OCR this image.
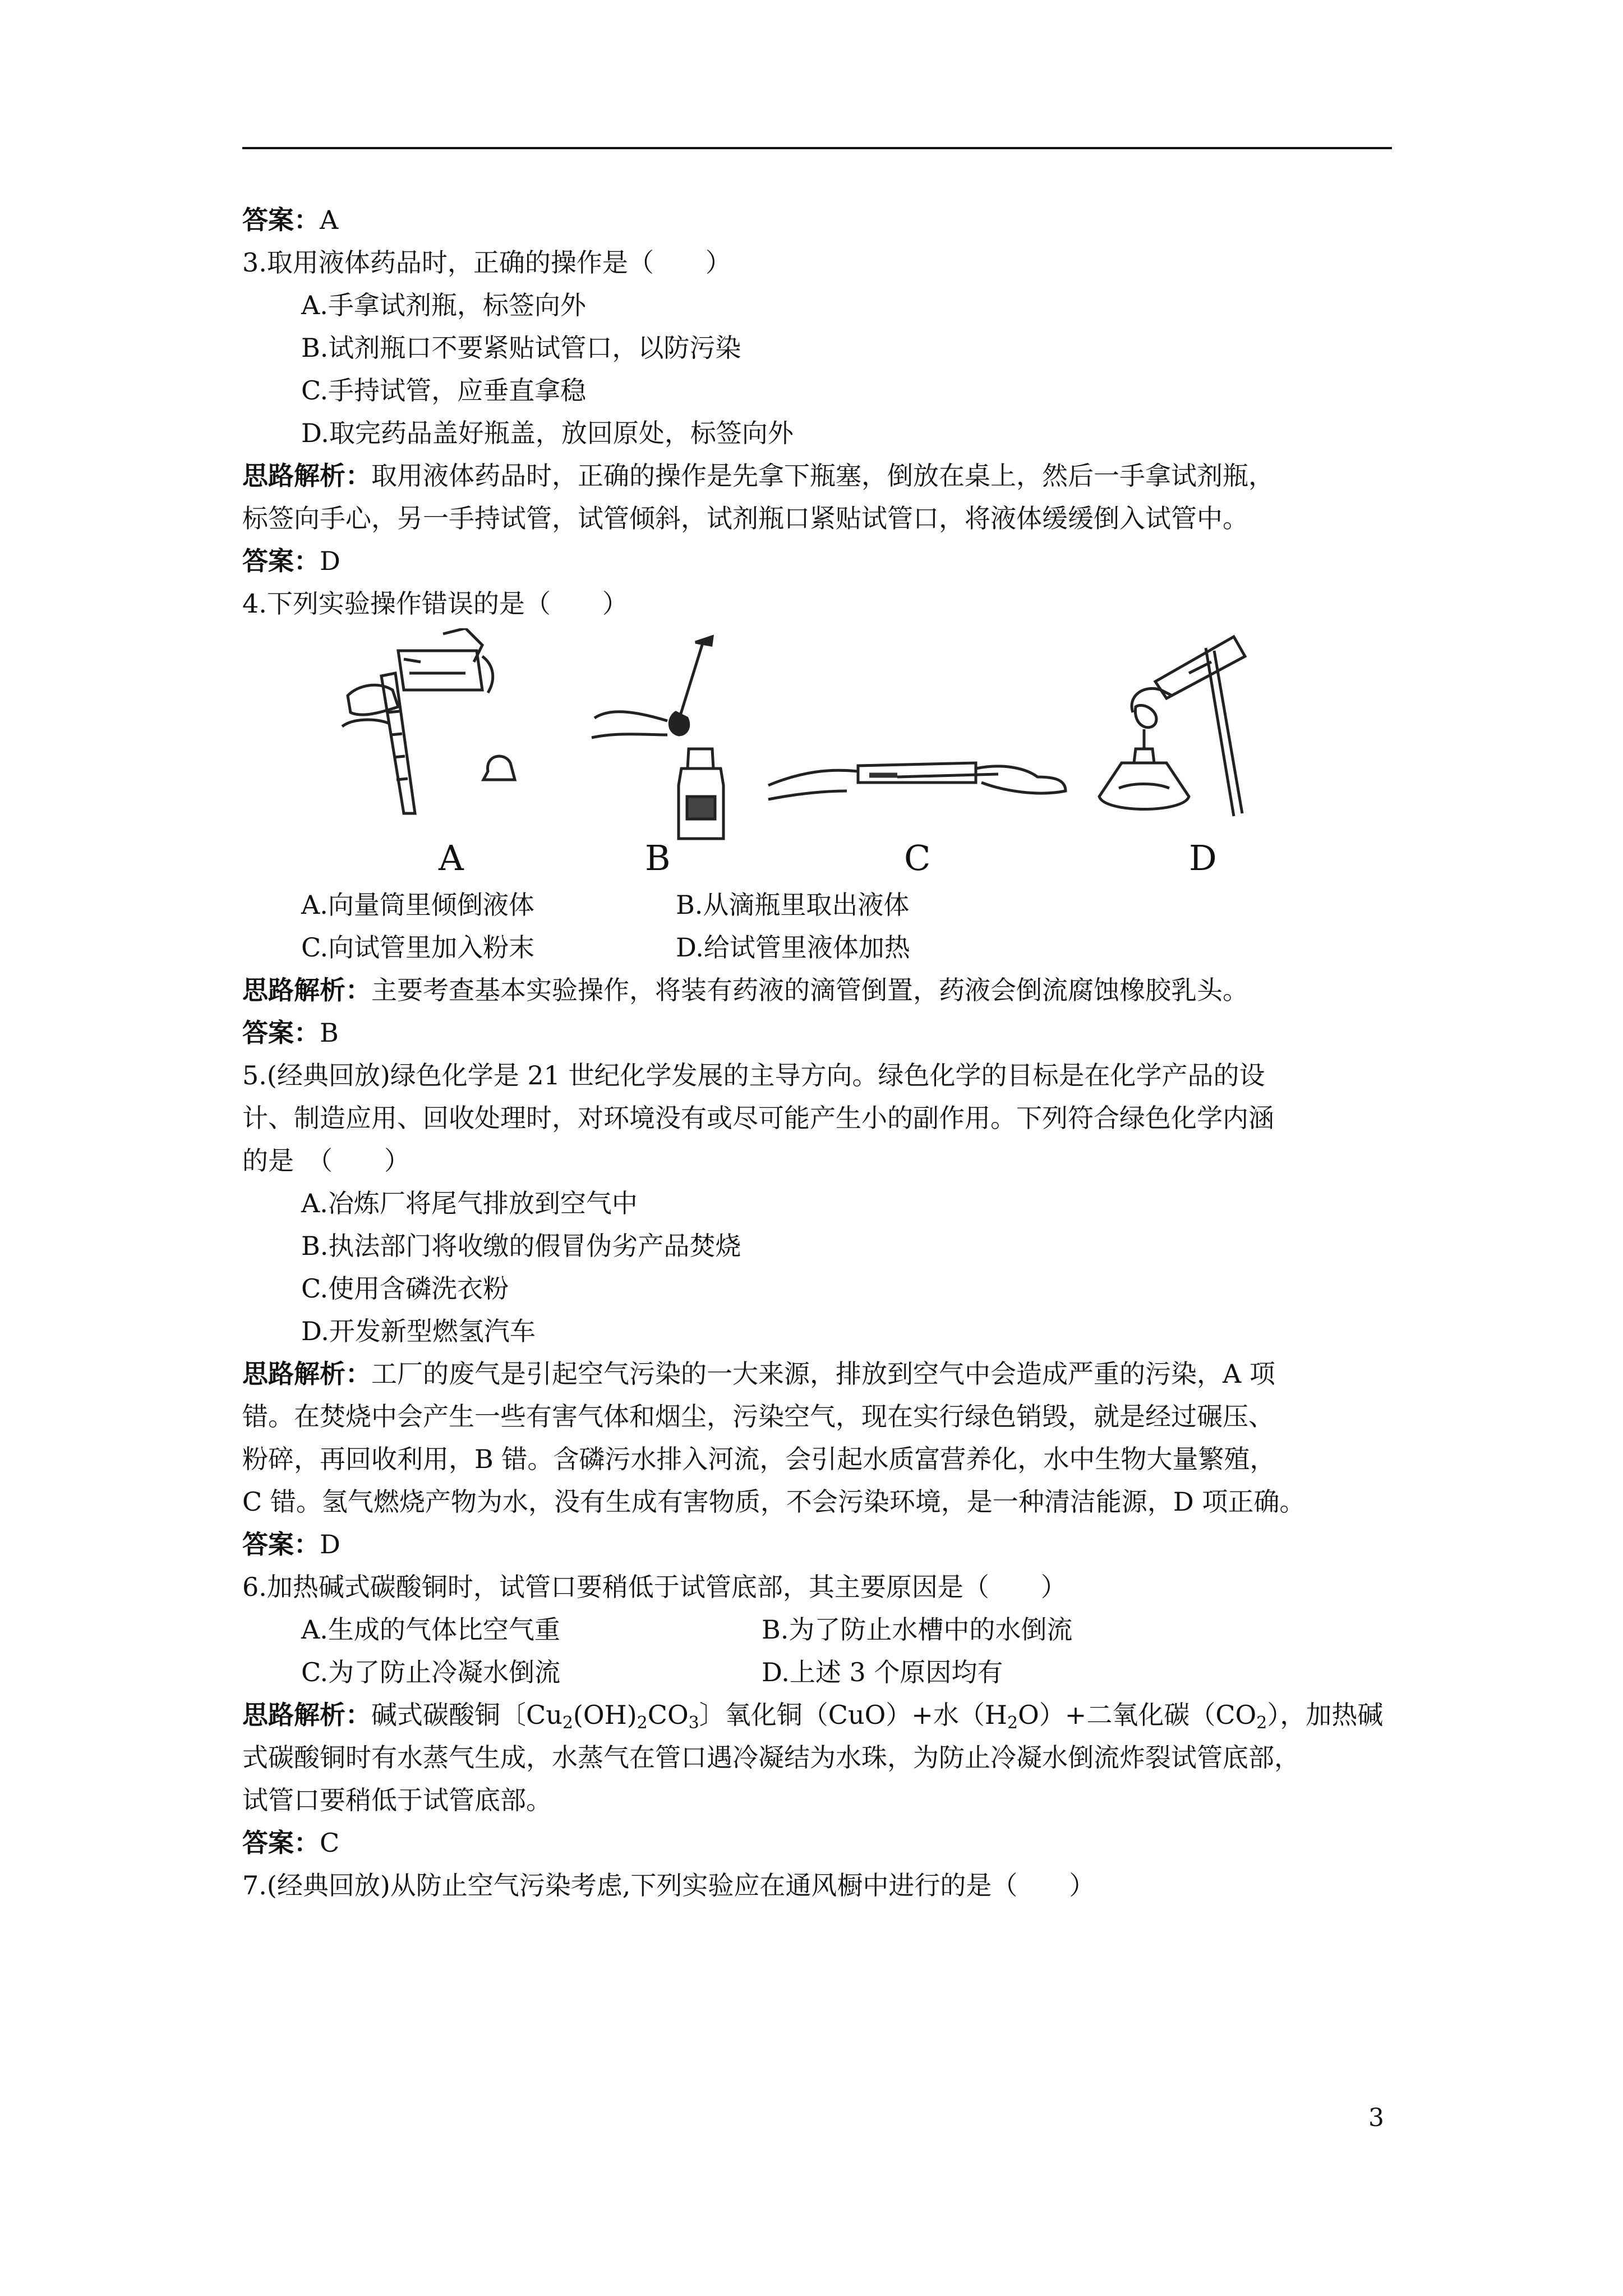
答案：A
3.取用液体药品时，正确的操作是（　　）
A.手拿试剂瓶，标签向外
B.试剂瓶口不要紧贴试管口，以防污染
C.手持试管，应垂直拿稳
D.取完药品盖好瓶盖，放回原处，标签向外
思路解析：取用液体药品时，正确的操作是先拿下瓶塞，倒放在桌上，然后一手拿试剂瓶，
标签向手心，另一手持试管，试管倾斜，试剂瓶口紧贴试管口，将液体缓缓倒入试管中。
答案：D
4.下列实验操作错误的是（　　）
A	B	C	D
A.向量筒里倾倒液体	B.从滴瓶里取出液体
C.向试管里加入粉末	D.给试管里液体加热
思路解析：主要考查基本实验操作，将装有药液的滴管倒置，药液会倒流腐蚀橡胶乳头。
答案：B
5.(经典回放)绿色化学是 21 世纪化学发展的主导方向。绿色化学的目标是在化学产品的设
计、制造应用、回收处理时，对环境没有或尽可能产生小的副作用。下列符合绿色化学内涵
的是　（　　）
A.冶炼厂将尾气排放到空气中
B.执法部门将收缴的假冒伪劣产品焚烧
C.使用含磷洗衣粉
D.开发新型燃氢汽车
思路解析：工厂的废气是引起空气污染的一大来源，排放到空气中会造成严重的污染，A 项
错。在焚烧中会产生一些有害气体和烟尘，污染空气，现在实行绿色销毁，就是经过碾压、
粉碎，再回收利用，B 错。含磷污水排入河流，会引起水质富营养化，水中生物大量繁殖，
C 错。氢气燃烧产物为水，没有生成有害物质，不会污染环境，是一种清洁能源，D 项正确。
答案：D
6.加热碱式碳酸铜时，试管口要稍低于试管底部，其主要原因是（　　）
A.生成的气体比空气重	B.为了防止水槽中的水倒流
C.为了防止冷凝水倒流	D.上述 3 个原因均有
思路解析：碱式碳酸铜〔$Cu_2(OH)_2CO_3$〕氧化铜（CuO）+水$(H_2O)+$二氧化碳$(CO_2)$，加热碱
式碳酸铜时有水蒸气生成，水蒸气在管口遇冷凝结为水珠，为防止冷凝水倒流炸裂试管底部，
试管口要稍低于试管底部。
答案：C
7.(经典回放)从防止空气污染考虑,下列实验应在通风橱中进行的是（　　）
3
